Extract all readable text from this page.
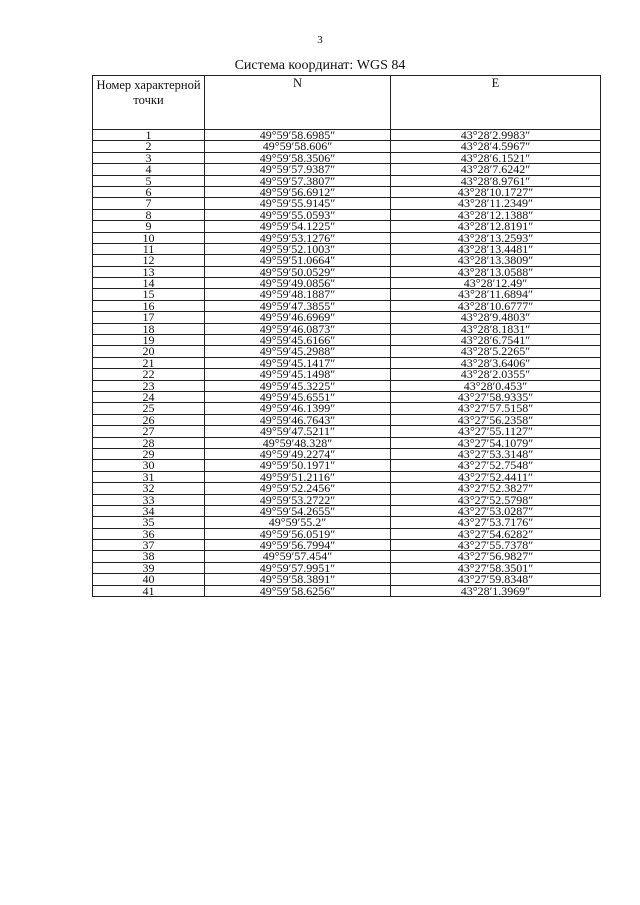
3
Система координат: WGS 84
Номер характерной точки	N	E
1	49°59′58.6985″	43°28′2.9983″
2	49°59′58.606″	43°28′4.5967″
3	49°59′58.3506″	43°28′6.1521″
4	49°59′57.9387″	43°28′7.6242″
5	49°59′57.3807″	43°28′8.9761″
6	49°59′56.6912″	43°28′10.1727″
7	49°59′55.9145″	43°28′11.2349″
8	49°59′55.0593″	43°28′12.1388″
9	49°59′54.1225″	43°28′12.8191″
10	49°59′53.1276″	43°28′13.2593″
11	49°59′52.1003″	43°28′13.4481″
12	49°59′51.0664″	43°28′13.3809″
13	49°59′50.0529″	43°28′13.0588″
14	49°59′49.0856″	43°28′12.49″
15	49°59′48.1887″	43°28′11.6894″
16	49°59′47.3855″	43°28′10.6777″
17	49°59′46.6969″	43°28′9.4803″
18	49°59′46.0873″	43°28′8.1831″
19	49°59′45.6166″	43°28′6.7541″
20	49°59′45.2988″	43°28′5.2265″
21	49°59′45.1417″	43°28′3.6406″
22	49°59′45.1498″	43°28′2.0355″
23	49°59′45.3225″	43°28′0.453″
24	49°59′45.6551″	43°27′58.9335″
25	49°59′46.1399″	43°27′57.5158″
26	49°59′46.7643″	43°27′56.2358″
27	49°59′47.5211″	43°27′55.1127″
28	49°59′48.328″	43°27′54.1079″
29	49°59′49.2274″	43°27′53.3148″
30	49°59′50.1971″	43°27′52.7548″
31	49°59′51.2116″	43°27′52.4411″
32	49°59′52.2456″	43°27′52.3827″
33	49°59′53.2722″	43°27′52.5798″
34	49°59′54.2655″	43°27′53.0287″
35	49°59′55.2″	43°27′53.7176″
36	49°59′56.0519″	43°27′54.6282″
37	49°59′56.7994″	43°27′55.7378″
38	49°59′57.454″	43°27′56.9827″
39	49°59′57.9951″	43°27′58.3501″
40	49°59′58.3891″	43°27′59.8348″
41	49°59′58.6256″	43°28′1.3969″
